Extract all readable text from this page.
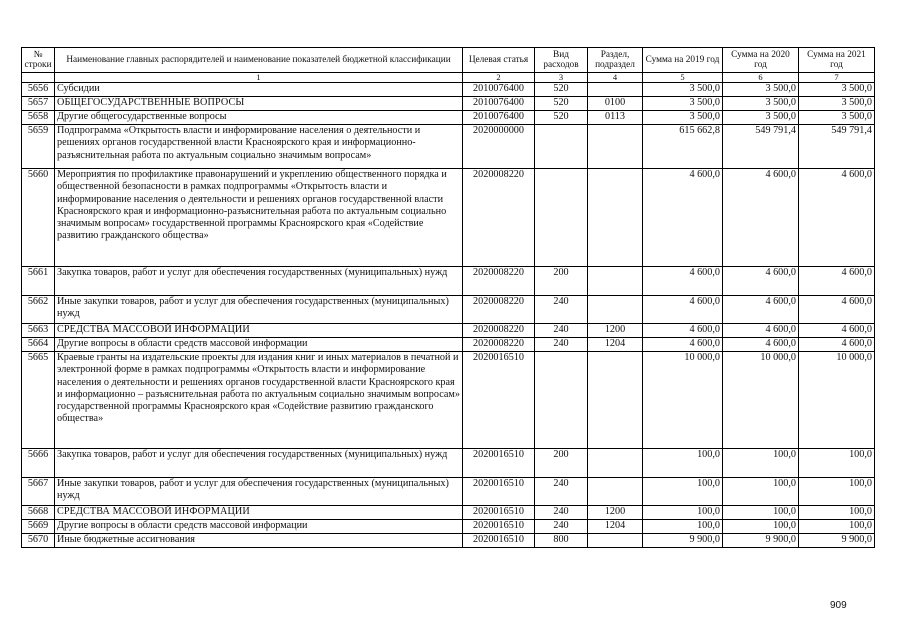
№ строки	Наименование главных распорядителей и наименование показателей бюджетной классификации	Целевая статья	Вид расходов	Раздел, подраздел	Сумма на 2019 год	Сумма на 2020 год	Сумма на 2021 год
	1	2	3	4	5	6	7
5656	Субсидии	2010076400	520		3 500,0	3 500,0	3 500,0
5657	ОБЩЕГОСУДАРСТВЕННЫЕ ВОПРОСЫ	2010076400	520	0100	3 500,0	3 500,0	3 500,0
5658	Другие общегосударственные вопросы	2010076400	520	0113	3 500,0	3 500,0	3 500,0
5659	Подпрограмма «Открытость власти и информирование населения о деятельности и решениях органов государственной власти Красноярского края и информационно-разъяснительная работа по актуальным социально значимым вопросам»	2020000000			615 662,8	549 791,4	549 791,4
5660	Мероприятия по профилактике правонарушений и укреплению общественного порядка и общественной безопасности в рамках подпрограммы «Открытость власти и информирование населения о деятельности и решениях органов государственной власти Красноярского края и информационно-разъяснительная работа по актуальным социально значимым вопросам» государственной программы Красноярского края «Содействие развитию гражданского общества»	2020008220			4 600,0	4 600,0	4 600,0
5661	Закупка товаров, работ и услуг для обеспечения государственных (муниципальных) нужд	2020008220	200		4 600,0	4 600,0	4 600,0
5662	Иные закупки товаров, работ и услуг для обеспечения государственных (муниципальных) нужд	2020008220	240		4 600,0	4 600,0	4 600,0
5663	СРЕДСТВА МАССОВОЙ ИНФОРМАЦИИ	2020008220	240	1200	4 600,0	4 600,0	4 600,0
5664	Другие вопросы в области средств массовой информации	2020008220	240	1204	4 600,0	4 600,0	4 600,0
5665	Краевые гранты на издательские проекты для издания книг и иных материалов в печатной и электронной форме в рамках подпрограммы «Открытость власти и информирование населения о деятельности и решениях органов государственной власти Красноярского края и информационно – разъяснительная работа по актуальным социально значимым вопросам» государственной программы Красноярского края «Содействие развитию гражданского общества»	2020016510			10 000,0	10 000,0	10 000,0
5666	Закупка товаров, работ и услуг для обеспечения государственных (муниципальных) нужд	2020016510	200		100,0	100,0	100,0
5667	Иные закупки товаров, работ и услуг для обеспечения государственных (муниципальных) нужд	2020016510	240		100,0	100,0	100,0
5668	СРЕДСТВА МАССОВОЙ ИНФОРМАЦИИ	2020016510	240	1200	100,0	100,0	100,0
5669	Другие вопросы в области средств массовой информации	2020016510	240	1204	100,0	100,0	100,0
5670	Иные бюджетные ассигнования	2020016510	800		9 900,0	9 900,0	9 900,0
909
